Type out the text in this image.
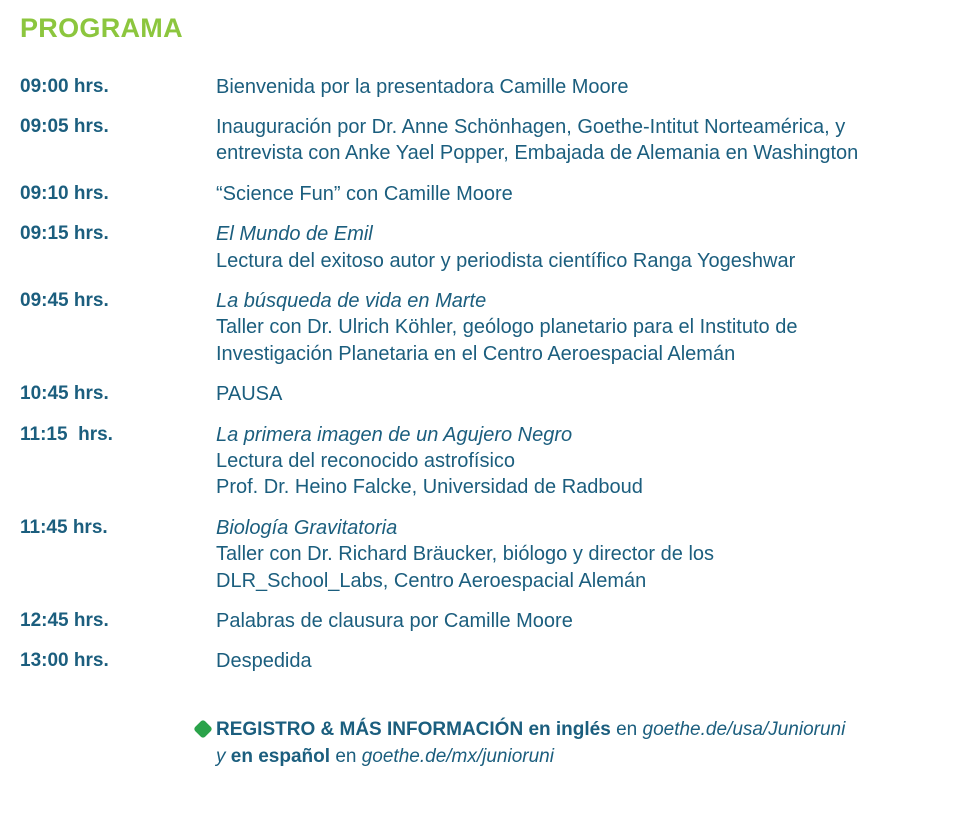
PROGRAMA
09:00 hrs.	Bienvenida por la presentadora Camille Moore

09:05 hrs.	Inauguración por Dr. Anne Schönhagen, Goethe-Intitut Norteamérica, y
entrevista con Anke Yael Popper, Embajada de Alemania en Washington

09:10 hrs.	“Science Fun” con Camille Moore

09:15 hrs.	El Mundo de Emil
Lectura del exitoso autor y periodista científico Ranga Yogeshwar

09:45 hrs.	La búsqueda de vida en Marte
Taller con Dr. Ulrich Köhler, geólogo planetario para el Instituto de
Investigación Planetaria en el Centro Aeroespacial Alemán

10:45 hrs.	PAUSA

11:15  hrs.	La primera imagen de un Agujero Negro
Lectura del reconocido astrofísico
Prof. Dr. Heino Falcke, Universidad de Radboud

11:45 hrs.	Biología Gravitatoria
Taller con Dr. Richard Bräucker, biólogo y director de los
DLR_School_Labs, Centro Aeroespacial Alemán

12:45 hrs.	Palabras de clausura por Camille Moore

13:00 hrs.	Despedida
REGISTRO & MÁS INFORMACIÓN en inglés en goethe.de/usa/Junioruni
y en español en goethe.de/mx/junioruni
